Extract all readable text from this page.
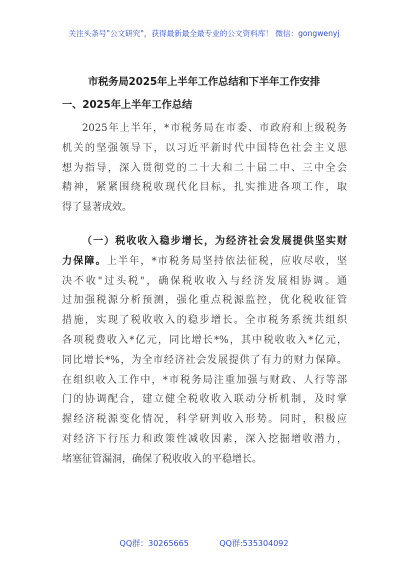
关注头条号"公文研究"，获得最新最全最专业的公文资料库！ 微信：gongwenyj
市税务局2025年上半年工作总结和下半年工作安排
一、2025年上半年工作总结
2025年上半年，*市税务局在市委、市政府和上级税务
机关的坚强领导下，以习近平新时代中国特色社会主义思
想为指导，深入贯彻党的二十大和二十届二中、三中全会
精神，紧紧围绕税收现代化目标，扎实推进各项工作，取
得了显著成效。
（一）税收收入稳步增长，为经济社会发展提供坚实财
力保障。上半年，*市税务局坚持依法征税，应收尽收，坚
决不收"过头税"，确保税收收入与经济发展相协调。通
过加强税源分析预测，强化重点税源监控，优化税收征管
措施，实现了税收收入的稳步增长。全市税务系统共组织
各项税费收入*亿元，同比增长*%，其中税收收入*亿元，
同比增长*%，为全市经济社会发展提供了有力的财力保障。
在组织收入工作中，*市税务局注重加强与财政、人行等部
门的协调配合，建立健全税收收入联动分析机制，及时掌
握经济税源变化情况，科学研判收入形势。同时，积极应
对经济下行压力和政策性减收因素，深入挖掘增收潜力，
堵塞征管漏洞，确保了税收收入的平稳增长。
QQ群：30265665	QQ群:535304092
